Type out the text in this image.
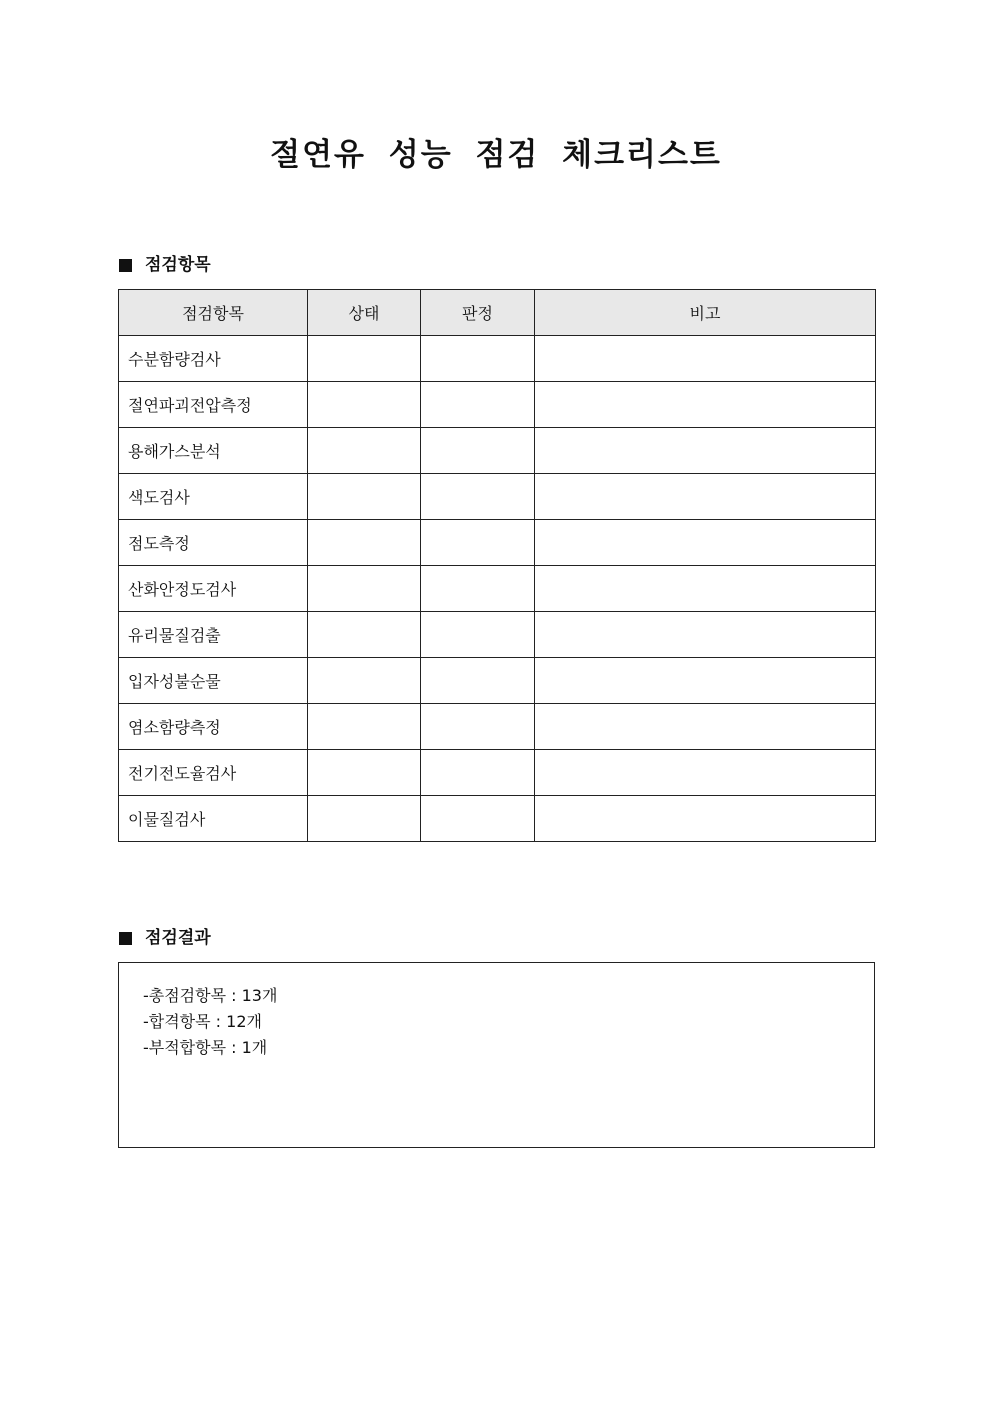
절연유 성능 점검 체크리스트
점검항목
점검항목	상태	판정	비고
수분함량검사			
절연파괴전압측정			
용해가스분석			
색도검사			
점도측정			
산화안정도검사			
유리물질검출			
입자성불순물			
염소함량측정			
전기전도율검사			
이물질검사			
점검결과
-총점검항목 : 13개
-합격항목 : 12개
-부적합항목 : 1개
